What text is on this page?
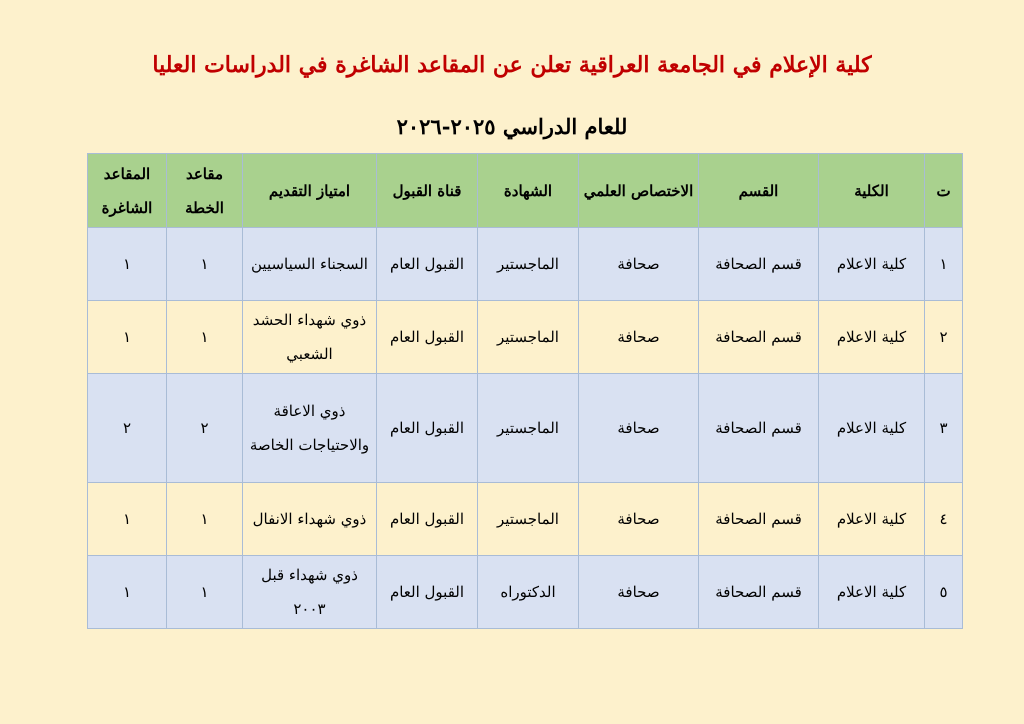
كلية الإعلام في الجامعة العراقية تعلن عن المقاعد الشاغرة في الدراسات العليا
للعام الدراسي ٢٠٢٥-٢٠٢٦
ت	الكلية	القسم	الاختصاص العلمي	الشهادة	قناة القبول	امتياز التقديم	مقاعد الخطة	المقاعد الشاغرة
١	كلية الاعلام	قسم الصحافة	صحافة	الماجستير	القبول العام	السجناء السياسيين	١	١
٢	كلية الاعلام	قسم الصحافة	صحافة	الماجستير	القبول العام	ذوي شهداء الحشد الشعبي	١	١
٣	كلية الاعلام	قسم الصحافة	صحافة	الماجستير	القبول العام	ذوي الاعاقة والاحتياجات الخاصة	٢	٢
٤	كلية الاعلام	قسم الصحافة	صحافة	الماجستير	القبول العام	ذوي شهداء الانفال	١	١
٥	كلية الاعلام	قسم الصحافة	صحافة	الدكتوراه	القبول العام	ذوي شهداء قبل ٢٠٠٣	١	١
